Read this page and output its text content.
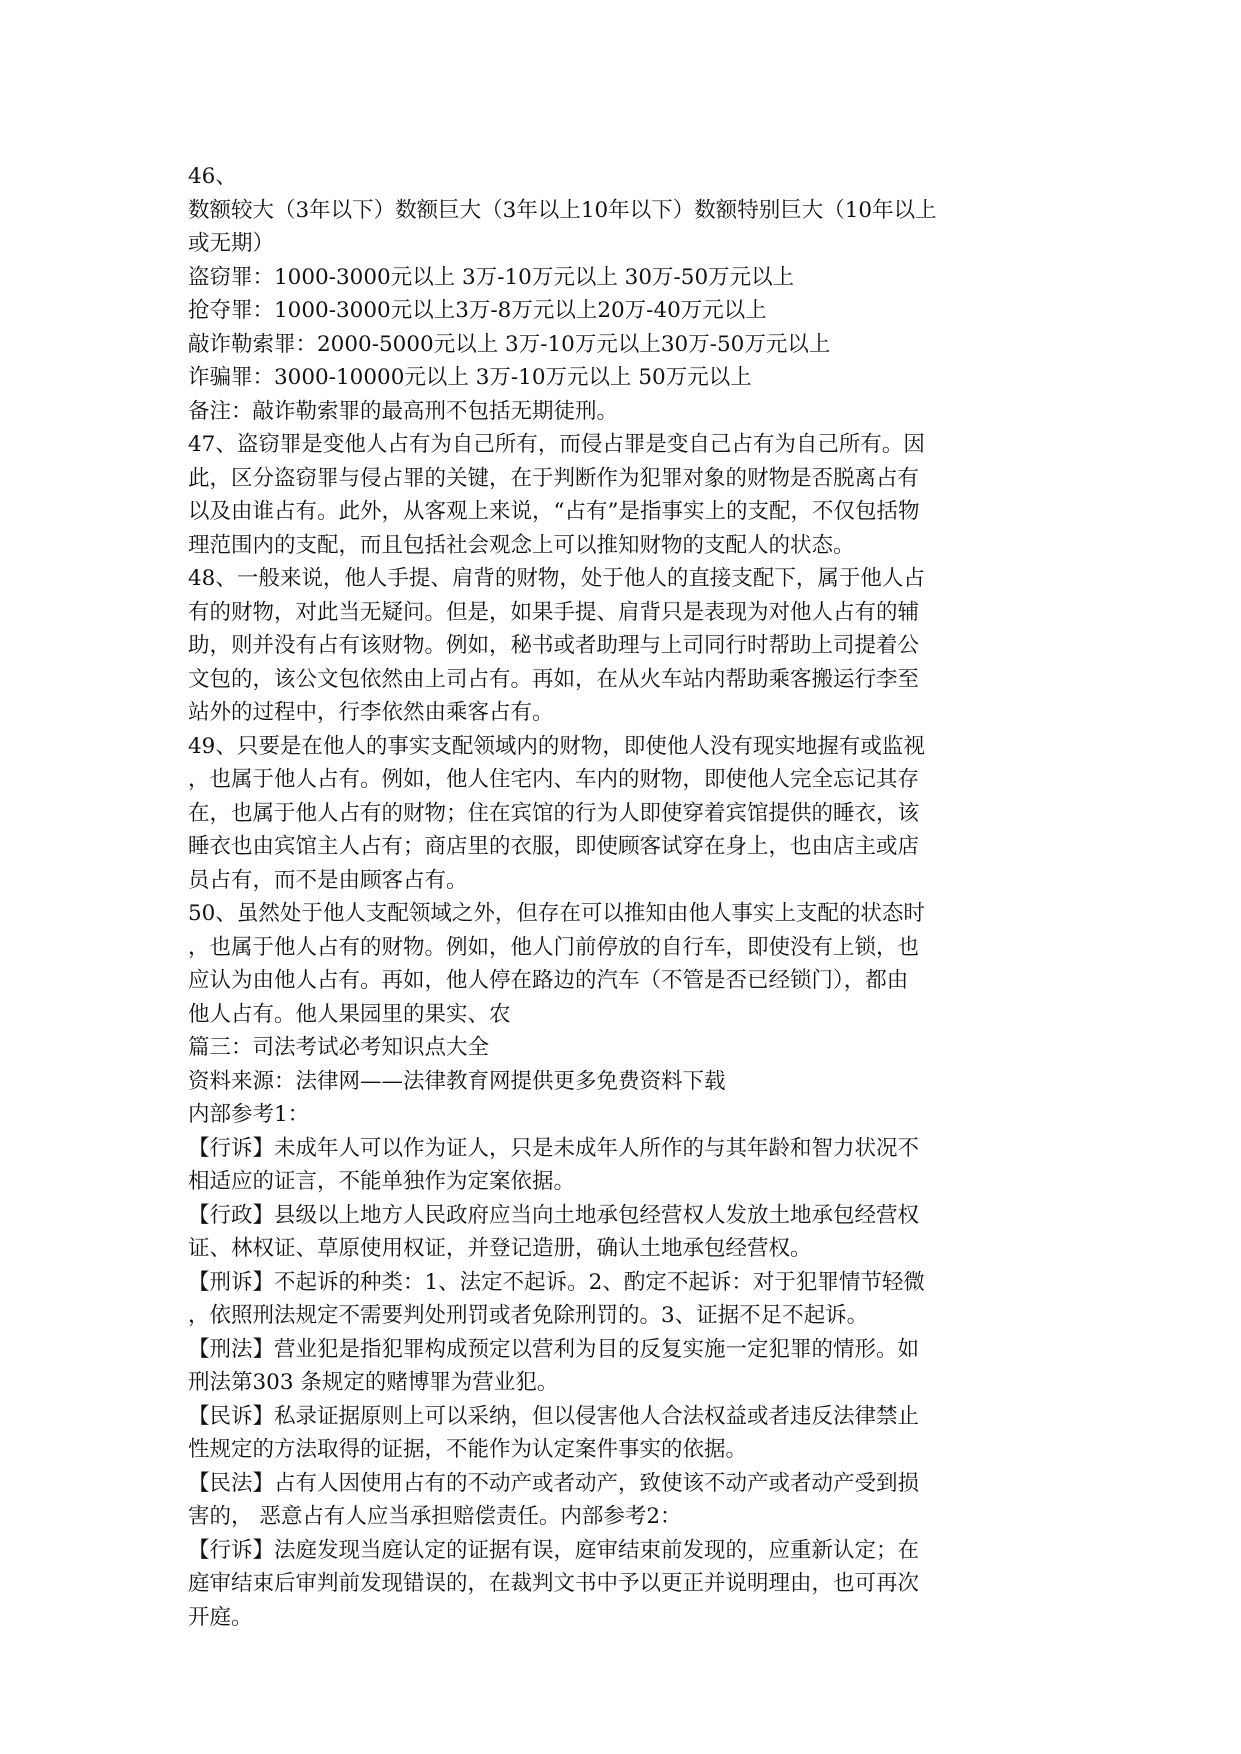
46、
数额较大（3年以下）数额巨大（3年以上10年以下）数额特别巨大（10年以上
或无期）
盗窃罪：1000-3000元以上 3万-10万元以上 30万-50万元以上
抢夺罪：1000-3000元以上3万-8万元以上20万-40万元以上
敲诈勒索罪：2000-5000元以上 3万-10万元以上30万-50万元以上
诈骗罪：3000-10000元以上 3万-10万元以上 50万元以上
备注：敲诈勒索罪的最高刑不包括无期徒刑。
47、盗窃罪是变他人占有为自己所有，而侵占罪是变自己占有为自己所有。因
此，区分盗窃罪与侵占罪的关键，在于判断作为犯罪对象的财物是否脱离占有
以及由谁占有。此外，从客观上来说，“占有”是指事实上的支配，不仅包括物
理范围内的支配，而且包括社会观念上可以推知财物的支配人的状态。
48、一般来说，他人手提、肩背的财物，处于他人的直接支配下，属于他人占
有的财物，对此当无疑问。但是，如果手提、肩背只是表现为对他人占有的辅
助，则并没有占有该财物。例如，秘书或者助理与上司同行时帮助上司提着公
文包的，该公文包依然由上司占有。再如，在从火车站内帮助乘客搬运行李至
站外的过程中，行李依然由乘客占有。
49、只要是在他人的事实支配领域内的财物，即使他人没有现实地握有或监视
，也属于他人占有。例如，他人住宅内、车内的财物，即使他人完全忘记其存
在，也属于他人占有的财物；住在宾馆的行为人即使穿着宾馆提供的睡衣，该
睡衣也由宾馆主人占有；商店里的衣服，即使顾客试穿在身上，也由店主或店
员占有，而不是由顾客占有。
50、虽然处于他人支配领域之外，但存在可以推知由他人事实上支配的状态时
，也属于他人占有的财物。例如，他人门前停放的自行车，即使没有上锁，也
应认为由他人占有。再如，他人停在路边的汽车（不管是否已经锁门），都由
他人占有。他人果园里的果实、农
篇三：司法考试必考知识点大全
资料来源：法律网——法律教育网提供更多免费资料下载
内部参考1：
【行诉】未成年人可以作为证人，只是未成年人所作的与其年龄和智力状况不
相适应的证言，不能单独作为定案依据。
【行政】县级以上地方人民政府应当向土地承包经营权人发放土地承包经营权
证、林权证、草原使用权证，并登记造册，确认土地承包经营权。
【刑诉】不起诉的种类：1、法定不起诉。2、酌定不起诉：对于犯罪情节轻微
，依照刑法规定不需要判处刑罚或者免除刑罚的。3、证据不足不起诉。
【刑法】营业犯是指犯罪构成预定以营利为目的反复实施一定犯罪的情形。如
刑法第303 条规定的赌博罪为营业犯。
【民诉】私录证据原则上可以采纳，但以侵害他人合法权益或者违反法律禁止
性规定的方法取得的证据，不能作为认定案件事实的依据。
【民法】占有人因使用占有的不动产或者动产，致使该不动产或者动产受到损
害的， 恶意占有人应当承担赔偿责任。内部参考2：
【行诉】法庭发现当庭认定的证据有误，庭审结束前发现的，应重新认定；在
庭审结束后审判前发现错误的，在裁判文书中予以更正并说明理由，也可再次
开庭。
